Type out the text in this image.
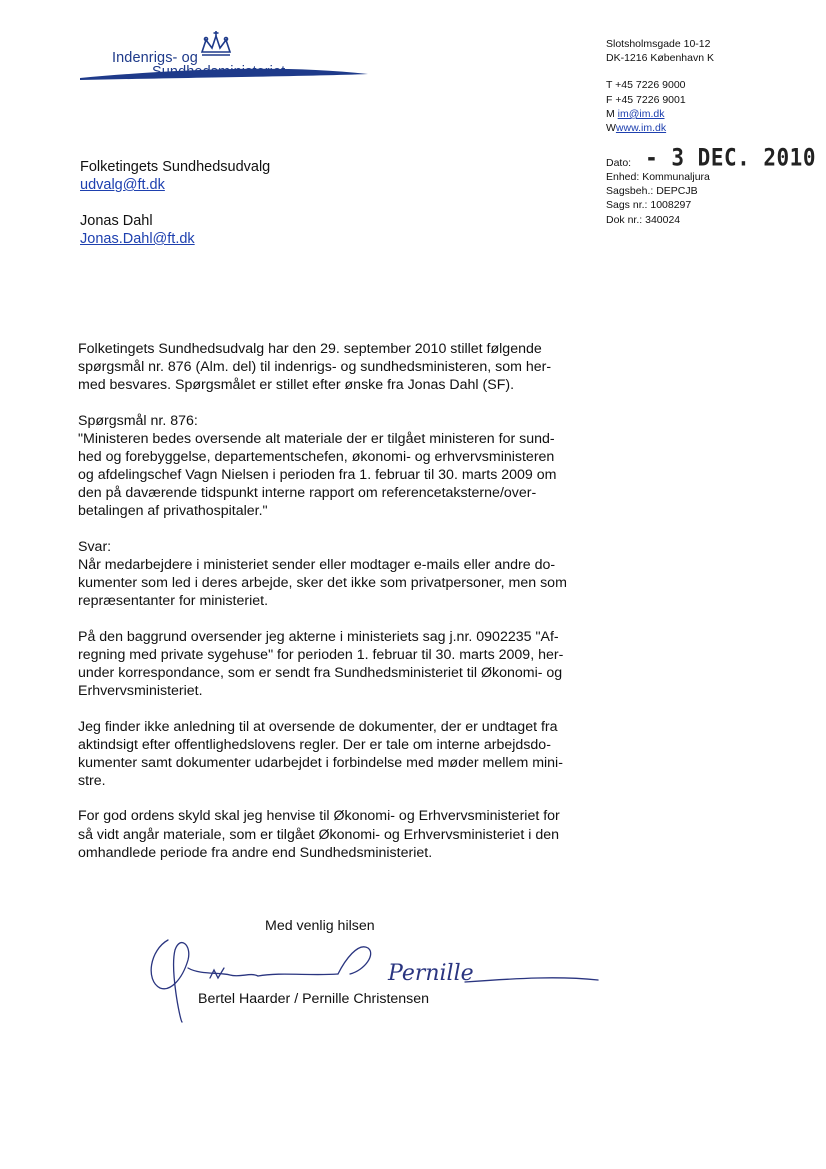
Indenrigs- og
Sundhedsministeriet
Slotsholmsgade 10-12
DK-1216 København K
T +45 7226 9000
F +45 7226 9001
M im@im.dk
Wwww.im.dk
Dato: - 3 DEC. 2010
Enhed: Kommunaljura
Sagsbeh.: DEPCJB
Sags nr.: 1008297
Dok nr.: 340024
Folketingets Sundhedsudvalg
udvalg@ft.dk
Jonas Dahl
Jonas.Dahl@ft.dk

Folketingets Sundhedsudvalg har den 29. september 2010 stillet følgende
spørgsmål nr. 876 (Alm. del) til indenrigs- og sundhedsministeren, som her-
med besvares. Spørgsmålet er stillet efter ønske fra Jonas Dahl (SF).

Spørgsmål nr. 876:
"Ministeren bedes oversende alt materiale der er tilgået ministeren for sund-
hed og forebyggelse, departementschefen, økonomi- og erhvervsministeren
og afdelingschef Vagn Nielsen i perioden fra 1. februar til 30. marts 2009 om
den på daværende tidspunkt interne rapport om referencetaksterne/over-
betalingen af privathospitaler."

Svar:
Når medarbejdere i ministeriet sender eller modtager e-mails eller andre do-
kumenter som led i deres arbejde, sker det ikke som privatpersoner, men som
repræsentanter for ministeriet.

På den baggrund oversender jeg akterne i ministeriets sag j.nr. 0902235 "Af-
regning med private sygehuse" for perioden 1. februar til 30. marts 2009, her-
under korrespondance, som er sendt fra Sundhedsministeriet til Økonomi- og
Erhvervsministeriet.

Jeg finder ikke anledning til at oversende de dokumenter, der er undtaget fra
aktindsigt efter offentlighedslovens regler. Der er tale om interne arbejdsdo-
kumenter samt dokumenter udarbejdet i forbindelse med møder mellem mini-
stre.

For god ordens skyld skal jeg henvise til Økonomi- og Erhvervsministeriet for
så vidt angår materiale, som er tilgået Økonomi- og Erhvervsministeriet i den
omhandlede periode fra andre end Sundhedsministeriet.

Med venlig hilsen
Pernille
Bertel Haarder / Pernille Christensen
